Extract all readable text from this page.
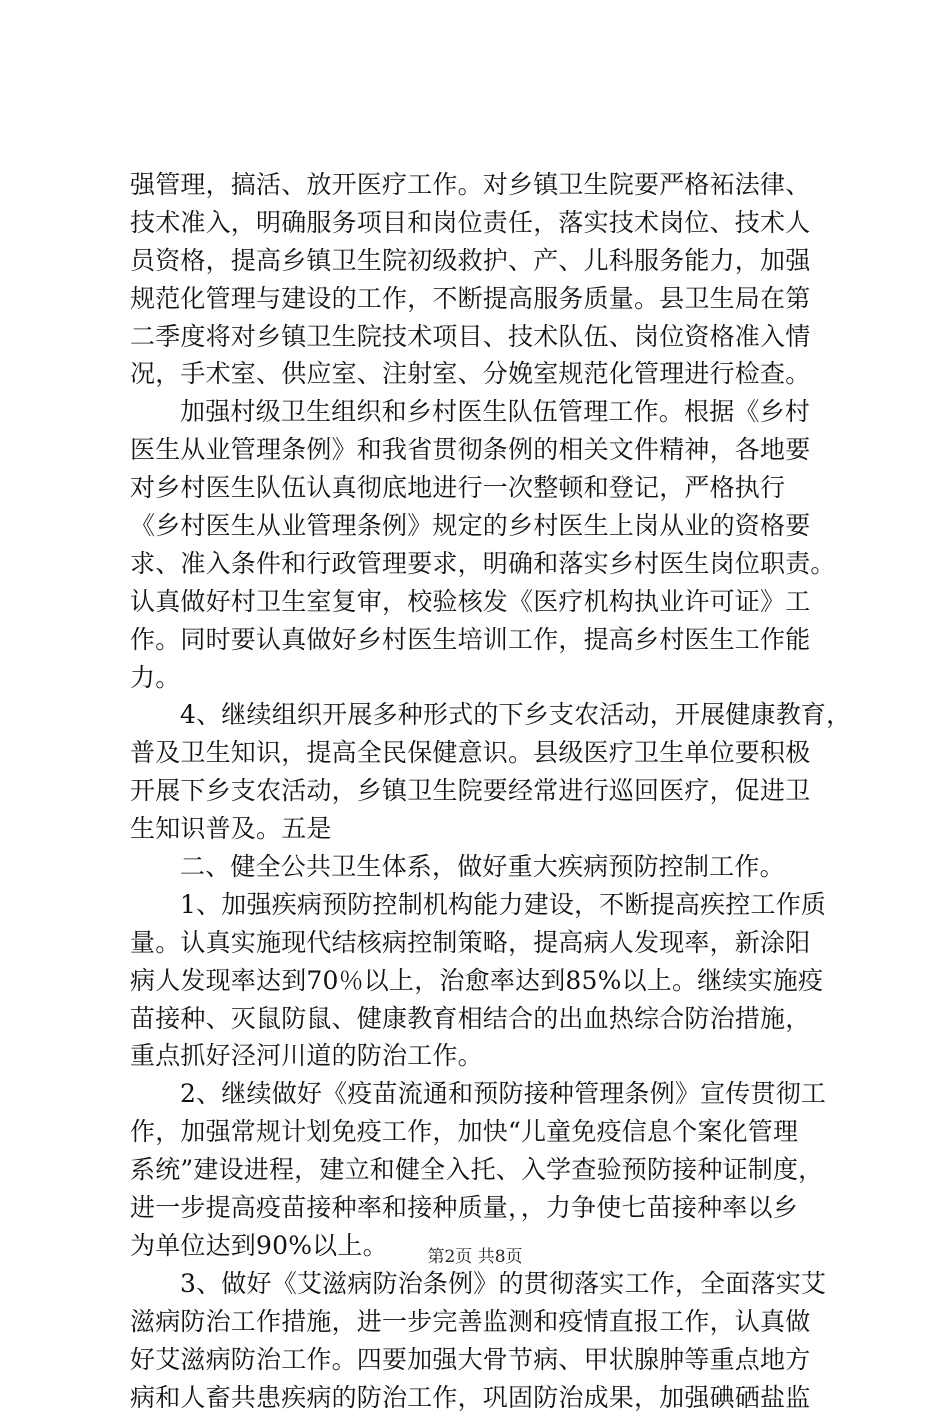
强管理，搞活、放开医疗工作。对乡镇卫生院要严格袥法律、
技术准入，明确服务项目和岗位责任，落实技术岗位、技术人
员资格，提高乡镇卫生院初级救护、产、儿科服务能力，加强
规范化管理与建设的工作，不断提高服务质量。县卫生局在第
二季度将对乡镇卫生院技术项目、技术队伍、岗位资格准入情
况，手术室、供应室、注射室、分娩室规范化管理进行检查。
加强村级卫生组织和乡村医生队伍管理工作。根据《乡村
医生从业管理条例》和我省贯彻条例的相关文件精神，各地要
对乡村医生队伍认真彻底地进行一次整顿和登记，严格执行
《乡村医生从业管理条例》规定的乡村医生上岗从业的资格要
求、准入条件和行政管理要求，明确和落实乡村医生岗位职责。
认真做好村卫生室复审，校验核发《医疗机构执业许可证》工
作。同时要认真做好乡村医生培训工作，提高乡村医生工作能
力。
4、继续组织开展多种形式的下乡支农活动，开展健康教育，
普及卫生知识，提高全民保健意识。县级医疗卫生单位要积极
开展下乡支农活动，乡镇卫生院要经常进行巡回医疗，促进卫
生知识普及。五是
二、健全公共卫生体系，做好重大疾病预防控制工作。
1、加强疾病预防控制机构能力建设，不断提高疾控工作质
量。认真实施现代结核病控制策略，提高病人发现率，新涂阳
病人发现率达到70％以上，治愈率达到85%以上。继续实施疫
苗接种、灭鼠防鼠、健康教育相结合的出血热综合防治措施，
重点抓好泾河川道的防治工作。
2、继续做好《疫苗流通和预防接种管理条例》宣传贯彻工
作，加强常规计划免疫工作，加快“儿童免疫信息个案化管理
系统”建设进程，建立和健全入托、入学查验预防接种证制度，
进一步提高疫苗接种率和接种质量，，力争使七苗接种率以乡
为单位达到90%以上。
3、做好《艾滋病防治条例》的贯彻落实工作，全面落实艾
滋病防治工作措施，进一步完善监测和疫情直报工作，认真做
好艾滋病防治工作。四要加强大骨节病、甲状腺肿等重点地方
病和人畜共患疾病的防治工作，巩固防治成果，加强碘硒盐监
第2页 共8页
